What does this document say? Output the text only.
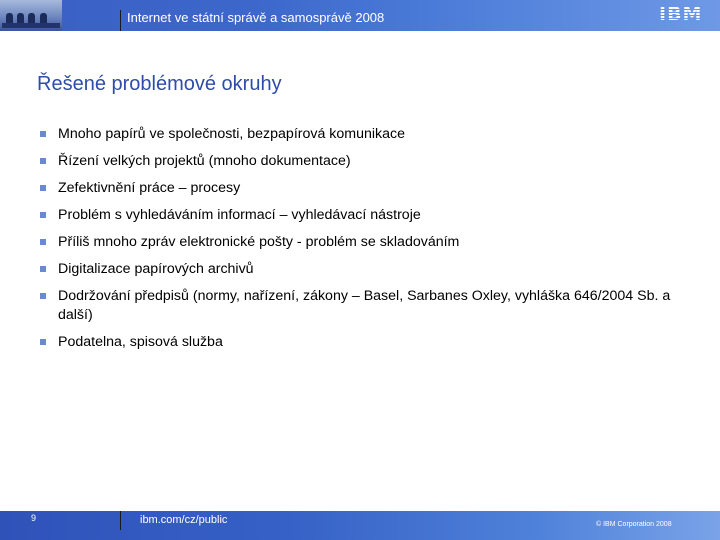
Internet ve státní správě a samosprávě 2008	IBM
Řešené problémové okruhy
Mnoho papírů ve společnosti, bezpapírová komunikace
Řízení velkých projektů (mnoho dokumentace)
Zefektivnění práce – procesy
Problém s vyhledáváním informací – vyhledávací nástroje
Příliš mnoho zpráv elektronické pošty - problém se skladováním
Digitalizace papírových archivů
Dodržování předpisů (normy, nařízení, zákony – Basel, Sarbanes Oxley, vyhláška 646/2004 Sb. a další)
Podatelna, spisová služba
9	ibm.com/cz/public	© IBM Corporation 2008
